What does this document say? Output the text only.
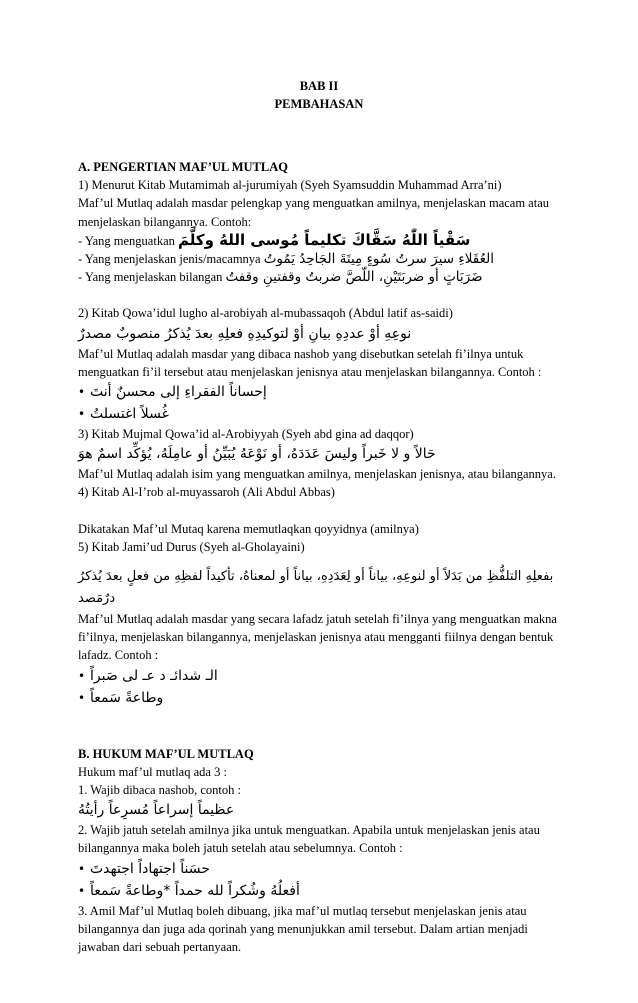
BAB II
PEMBAHASAN

A. PENGERTIAN MAF’UL MUTLAQ

1) Menurut Kitab Mutamimah al-jurumiyah (Syeh Syamsuddin Muhammad Arra’ni)

Maf’ul Mutlaq adalah masdar pelengkap yang menguatkan amilnya, menjelaskan macam atau menjelaskan bilangannya. Contoh:

- Yang menguatkan سَقْياً اللّٰهُ سَقَّاكَ تكليماً مُوسى اللهُ وكلَّمَ

- Yang menjelaskan jenis/macamnya العُقَلاءِ سيرَ سرتُ سُوءٍ مِيتَةَ الجَاحِدُ يَمُوتُ

- Yang menjelaskan bilangan ضَرَبَاتٍ أو ضربَتَيْنِ، اللّصَّ ضربتُ وقفتينِ وقفتُ

2) Kitab Qowa’idul lugho al-arobiyah al-mubassaqoh (Abdul latif as-saidi)

نوعِهِ أوْ عددِهِ بيانِ أوْ لتوكيدِهِ فعلِهِ بعدَ يُذكرُ منصوبٌ مصدرٌ

Maf’ul Mutlaq adalah masdar yang dibaca nashob yang disebutkan setelah fi’ilnya untuk menguatkan fi’il tersebut atau menjelaskan jenisnya atau menjelaskan bilangannya. Contoh :

• إحساناً الفقراءِ إلى محسنٌ أنتَ
• غُسلاً اغتسلتُ

3) Kitab Mujmal Qowa’id al-Arobiyyah (Syeh abd gina ad daqqor)

حَالاً و لا خَبراً وليسَ عَدَدَهُ، أو نَوْعَهُ يُبَيِّنُ أو عامِلَهُ، يُؤكِّد اسمٌ هوَ

Maf’ul Mutlaq adalah isim yang menguatkan amilnya, menjelaskan jenisnya, atau bilangannya.

4) Kitab Al-I’rob al-muyassaroh (Ali Abdul Abbas)

Dikatakan Maf’ul Mutaq karena memutlaqkan qoyyidnya (amilnya)

5) Kitab Jami’ud Durus (Syeh al-Gholayaini)

بفعلِهِ التلفُّظِ من بَدَلاً أو لنوعِهِ، بياناً أو لِعَدَدِهِ، بياناً أو لمعناهُ، تأكيداً لفظِهِ من فعلٍ بعدَ يُذكرُ درٌمَصد

Maf’ul Mutlaq adalah masdar yang secara lafadz jatuh setelah fi’ilnya yang menguatkan makna fi’ilnya, menjelaskan bilangannya, menjelaskan jenisnya atau mengganti fiilnya dengan bentuk lafadz. Contoh :

• الـ شدائـ د عـ لى صَبراً
• وطاعةً سَمعاً

B. HUKUM MAF’UL MUTLAQ

Hukum maf’ul mutlaq ada 3 :

1. Wajib dibaca nashob, contoh :

عظيماً إسراعاً مُسرِعاً رأيتُهُ

2. Wajib jatuh setelah amilnya jika untuk menguatkan. Apabila untuk menjelaskan jenis atau bilangannya maka boleh jatuh setelah atau sebelumnya. Contoh :

• حسَناً اجتهاداً اجتهدتَ
• أفعلُهُ وشُكراً لله حمداً *وطاعةً سَمعاً

3. Amil Maf’ul Mutlaq boleh dibuang, jika maf’ul mutlaq tersebut menjelaskan jenis atau bilangannya dan juga ada qorinah yang menunjukkan amil tersebut. Dalam artian menjadi jawaban dari sebuah pertanyaan.
